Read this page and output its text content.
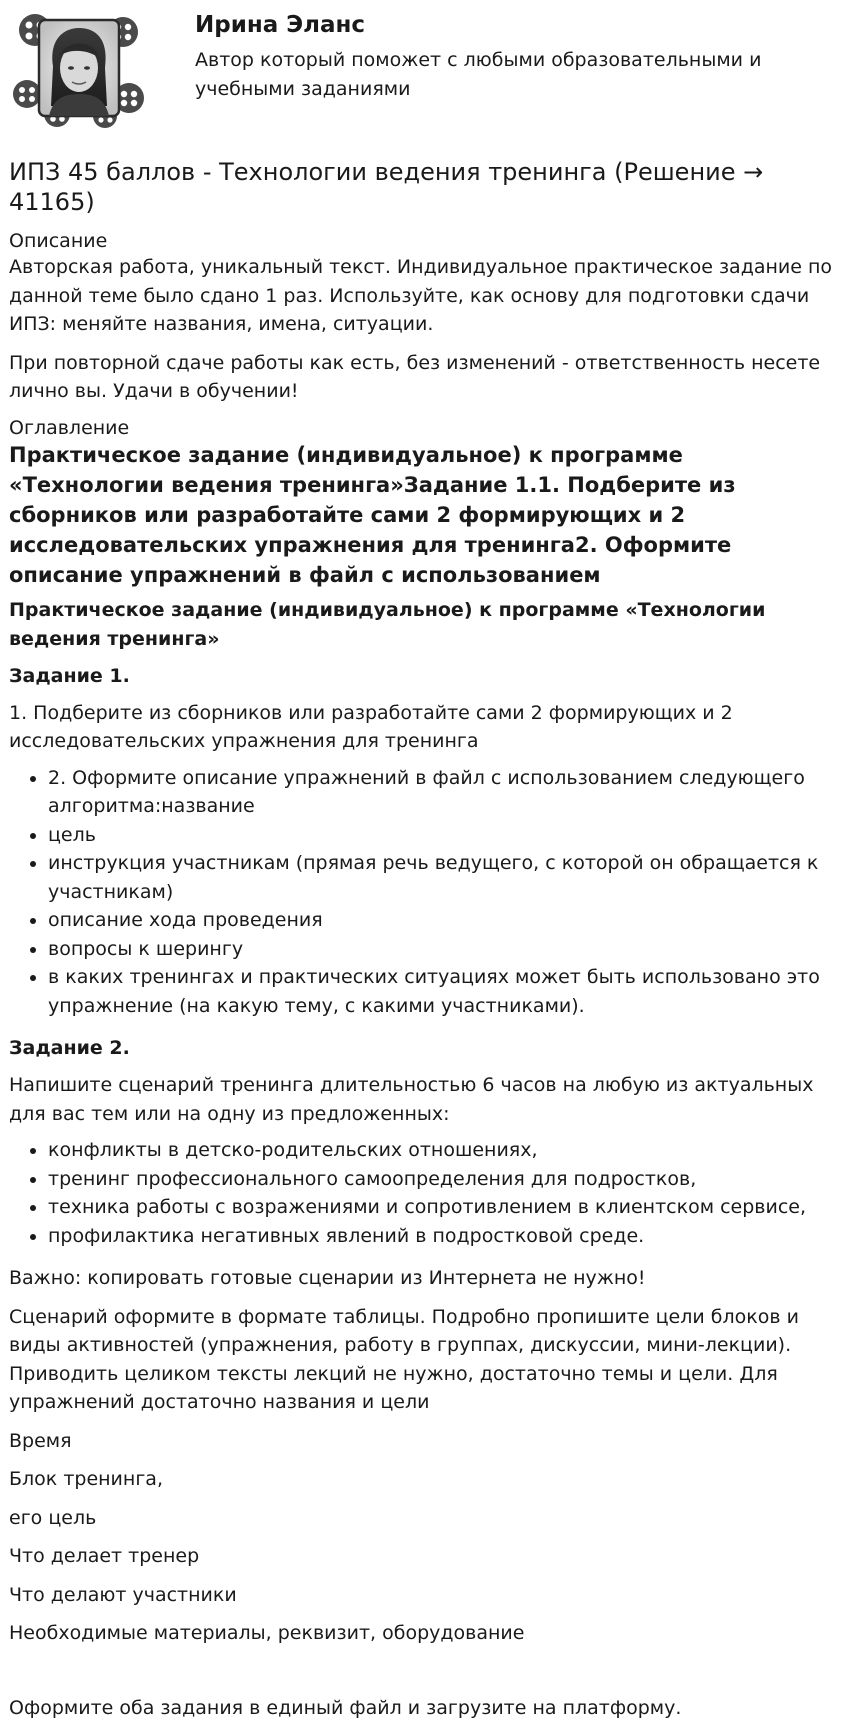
Ирина Эланс
Автор который поможет с любыми образовательными и учебными заданиями
ИПЗ 45 баллов - Технологии ведения тренинга (Решение → 41165)
Описание

Авторская работа, уникальный текст. Индивидуальное практическое задание по данной теме было сдано 1 раз. Используйте, как основу для подготовки сдачи ИПЗ: меняйте названия, имена, ситуации.

При повторной сдаче работы как есть, без изменений - ответственность несете лично вы. Удачи в обучении!

Оглавление
Практическое задание (индивидуальное) к программе «Технологии ведения тренинга»Задание 1.1. Подберите из сборников или разработайте сами 2 формирующих и 2 исследовательских упражнения для тренинга2. Оформите описание упражнений в файл с использованием

Практическое задание (индивидуальное) к программе «Технологии ведения тренинга»

Задание 1.

1. Подберите из сборников или разработайте сами 2 формирующих и 2 исследовательских упражнения для тренинга

• 2. Оформите описание упражнений в файл с использованием следующего алгоритма:название
• цель
• инструкция участникам (прямая речь ведущего, с которой он обращается к участникам)
• описание хода проведения
• вопросы к шерингу
• в каких тренингах и практических ситуациях может быть использовано это упражнение (на какую тему, с какими участниками).

Задание 2.

Напишите сценарий тренинга длительностью 6 часов на любую из актуальных для вас тем или на одну из предложенных:

• конфликты в детско-родительских отношениях,
• тренинг профессионального самоопределения для подростков,
• техника работы с возражениями и сопротивлением в клиентском сервисе,
• профилактика негативных явлений в подростковой среде.

Важно: копировать готовые сценарии из Интернета не нужно!

Сценарий оформите в формате таблицы. Подробно пропишите цели блоков и виды активностей (упражнения, работу в группах, дискуссии, мини-лекции). Приводить целиком тексты лекций не нужно, достаточно темы и цели. Для упражнений достаточно названия и цели

Время

Блок тренинга,

его цель

Что делает тренер

Что делают участники

Необходимые материалы, реквизит, оборудование

Оформите оба задания в единый файл и загрузите на платформу.
